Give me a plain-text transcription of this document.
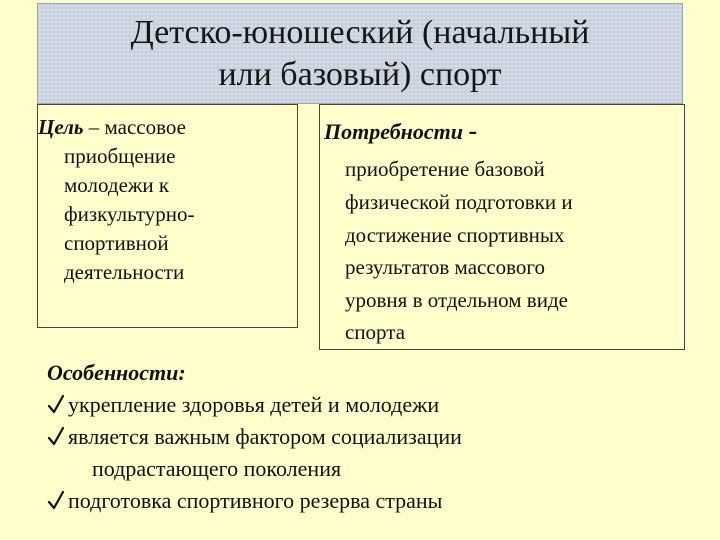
Детско-юношеский (начальный
или базовый) спорт
Цель – массовое
приобщение
молодежи к
физкультурно-
спортивной
деятельности
Потребности -
приобретение базовой
физической подготовки и
достижение спортивных
результатов массового
уровня в отдельном виде
спорта
Особенности:
укрепление здоровья детей и молодежи
является важным фактором социализации
подрастающего поколения
подготовка спортивного резерва страны
